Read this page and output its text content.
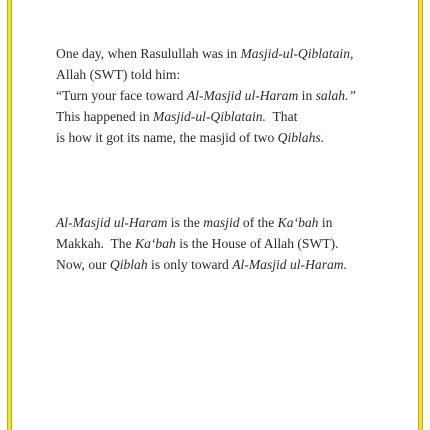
One day, when Rasulullah was in Masjid-ul-Qiblatain,
Allah (SWT) told him:
“Turn your face toward Al-Masjid ul-Haram in salah.”
This happened in Masjid-ul-Qiblatain.  That
is how it got its name, the masjid of two Qiblahs.
Al-Masjid ul-Haram is the masjid of the Ka‘bah in
Makkah.  The Ka‘bah is the House of Allah (SWT).
Now, our Qiblah is only toward Al-Masjid ul-Haram.
